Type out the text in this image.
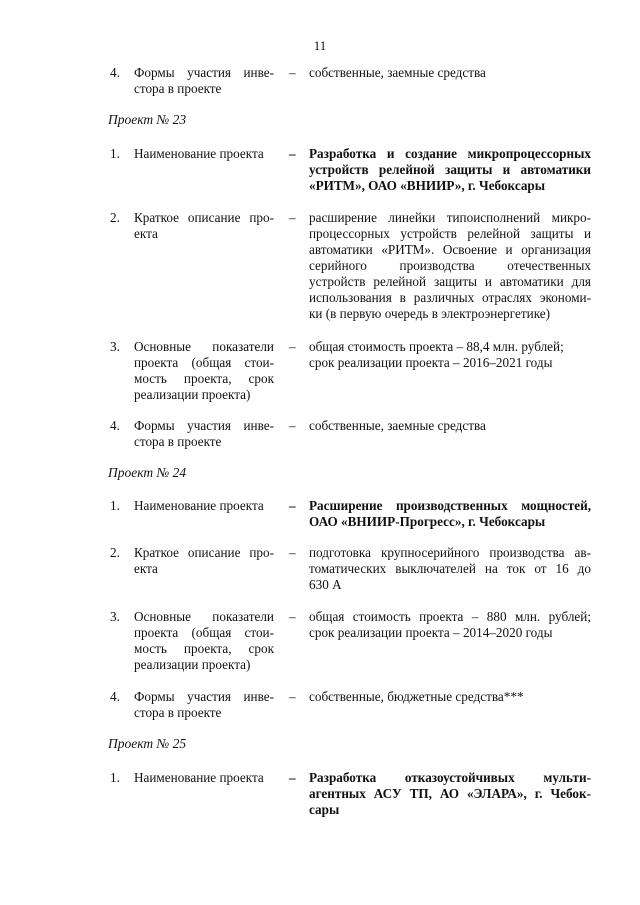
11
4.	Формы участия инве-
стора в проекте
– собственные, заемные средства
Проект № 23
1.	Наименование проекта	– Разработка и создание микропроцессорных
устройств релейной защиты и автоматики
«РИТМ», ОАО «ВНИИР», г. Чебоксары
2.	Краткое описание про-
екта
– расширение линейки типоисполнений микро-
процессорных устройств релейной защиты и
автоматики «РИТМ». Освоение и организация
серийного производства отечественных
устройств релейной защиты и автоматики для
использования в различных отраслях экономи-
ки (в первую очередь в электроэнергетике)
3.	Основные показатели
проекта (общая стои-
мость проекта, срок
реализации проекта)
– общая стоимость проекта – 88,4 млн. рублей;
срок реализации проекта – 2016–2021 годы
4.	Формы участия инве-
стора в проекте
– собственные, заемные средства
Проект № 24
1.	Наименование проекта	– Расширение производственных мощностей,
ОАО «ВНИИР-Прогресс», г. Чебоксары
2.	Краткое описание про-
екта
– подготовка крупносерийного производства ав-
томатических выключателей на ток от 16 до
630 А
3.	Основные показатели
проекта (общая стои-
мость проекта, срок
реализации проекта)
– общая стоимость проекта – 880 млн. рублей;
срок реализации проекта – 2014–2020 годы
4.	Формы участия инве-
стора в проекте
– собственные, бюджетные средства***
Проект № 25
1.	Наименование проекта	– Разработка отказоустойчивых мульти-
агентных АСУ ТП, АО «ЭЛАРА», г. Чебок-
сары
